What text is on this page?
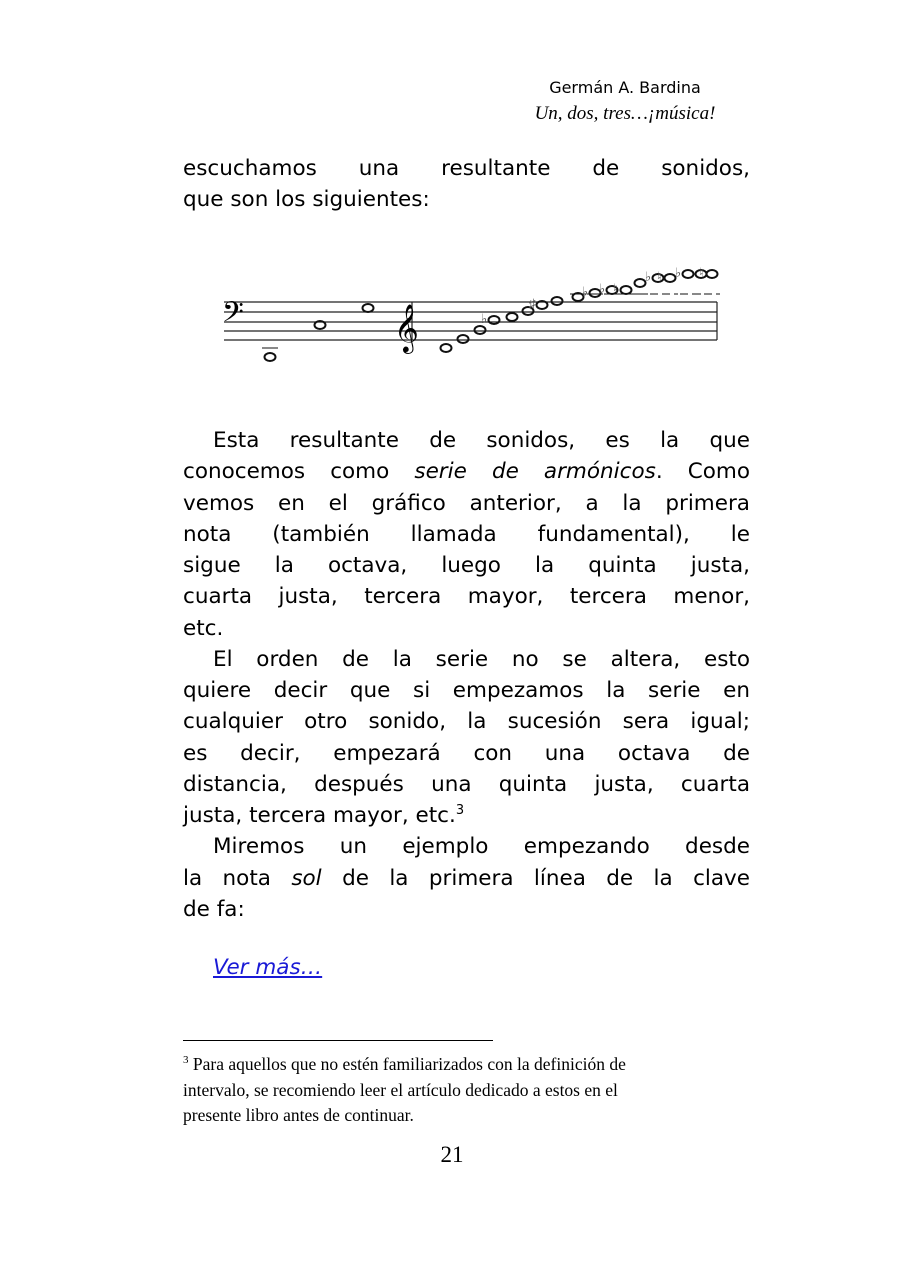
Germán A. Bardina
Un, dos, tres…¡música!
escuchamos una resultante de sonidos,
que son los siguientes:
𝄢	𝄞	♭
♯
♭ ♭ ♮
♭ ♮ ♭ ♮
Esta resultante de sonidos, es la que
conocemos como serie de armónicos. Como
vemos en el gráfico anterior, a la primera
nota (también llamada fundamental), le
sigue la octava, luego la quinta justa,
cuarta justa, tercera mayor, tercera menor,
etc.
El orden de la serie no se altera, esto
quiere decir que si empezamos la serie en
cualquier otro sonido, la sucesión sera igual;
es decir, empezará con una octava de
distancia, después una quinta justa, cuarta
justa, tercera mayor, etc.$^3$
Miremos un ejemplo empezando desde
la nota sol de la primera línea de la clave
de fa:
Ver más…
$^3$ Para aquellos que no estén familiarizados con la definición de
intervalo, se recomiendo leer el artículo dedicado a estos en el
presente libro antes de continuar.
21
